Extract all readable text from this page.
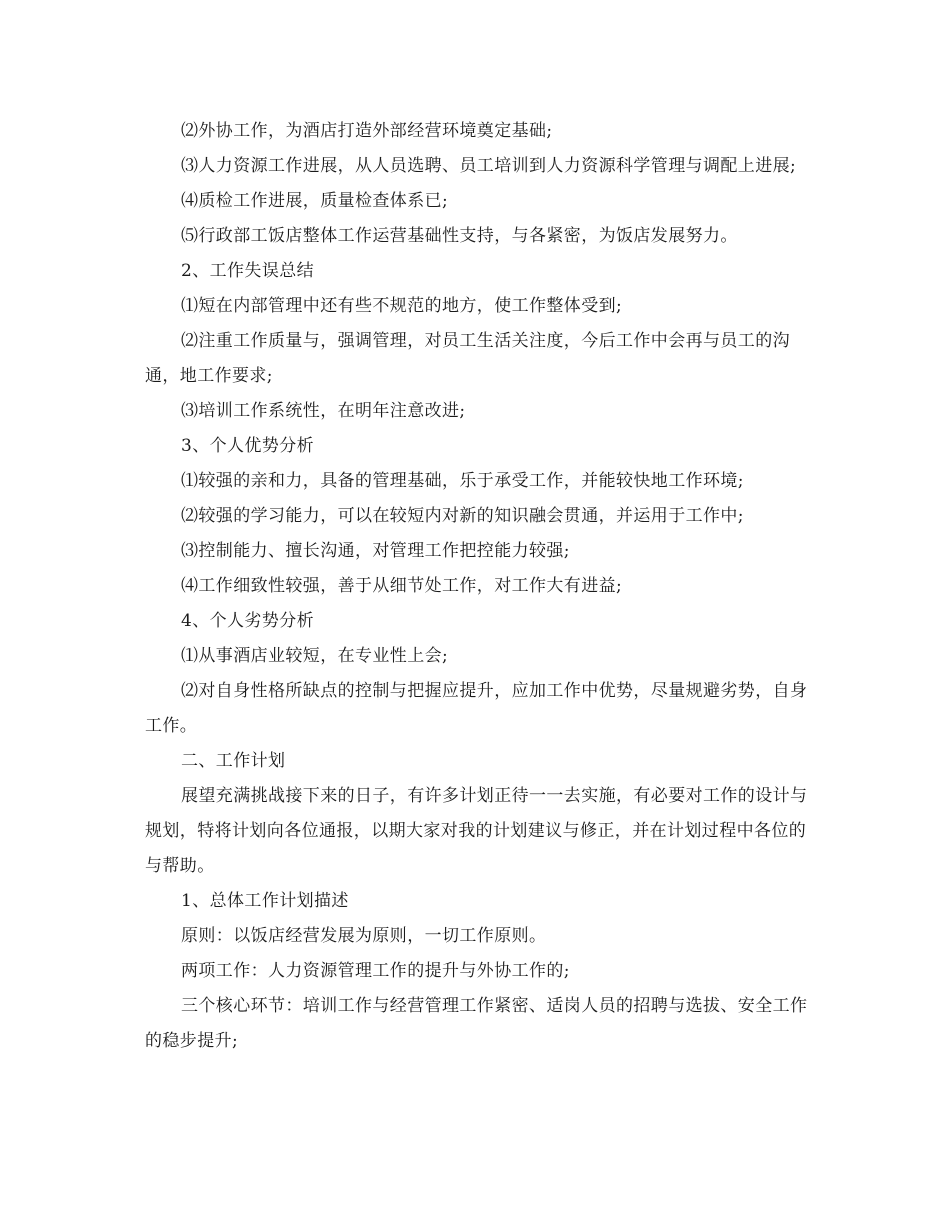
⑵外协工作，为酒店打造外部经营环境奠定基础;

⑶人力资源工作进展，从人员选聘、员工培训到人力资源科学管理与调配上进展;

⑷质检工作进展，质量检查体系已;

⑸行政部工饭店整体工作运营基础性支持，与各紧密，为饭店发展努力。

2、工作失误总结

⑴短在内部管理中还有些不规范的地方，使工作整体受到;

⑵注重工作质量与，强调管理，对员工生活关注度，今后工作中会再与员工的沟通，地工作要求;

⑶培训工作系统性，在明年注意改进;

3、个人优势分析

⑴较强的亲和力，具备的管理基础，乐于承受工作，并能较快地工作环境;

⑵较强的学习能力，可以在较短内对新的知识融会贯通，并运用于工作中;

⑶控制能力、擅长沟通，对管理工作把控能力较强;

⑷工作细致性较强，善于从细节处工作，对工作大有进益;

4、个人劣势分析

⑴从事酒店业较短，在专业性上会;

⑵对自身性格所缺点的控制与把握应提升，应加工作中优势，尽量规避劣势，自身工作。

二、工作计划

展望充满挑战接下来的日子，有许多计划正待一一去实施，有必要对工作的设计与规划，特将计划向各位通报，以期大家对我的计划建议与修正，并在计划过程中各位的与帮助。

1、总体工作计划描述

原则：以饭店经营发展为原则，一切工作原则。

两项工作：人力资源管理工作的提升与外协工作的;

三个核心环节：培训工作与经营管理工作紧密、适岗人员的招聘与选拔、安全工作的稳步提升;
